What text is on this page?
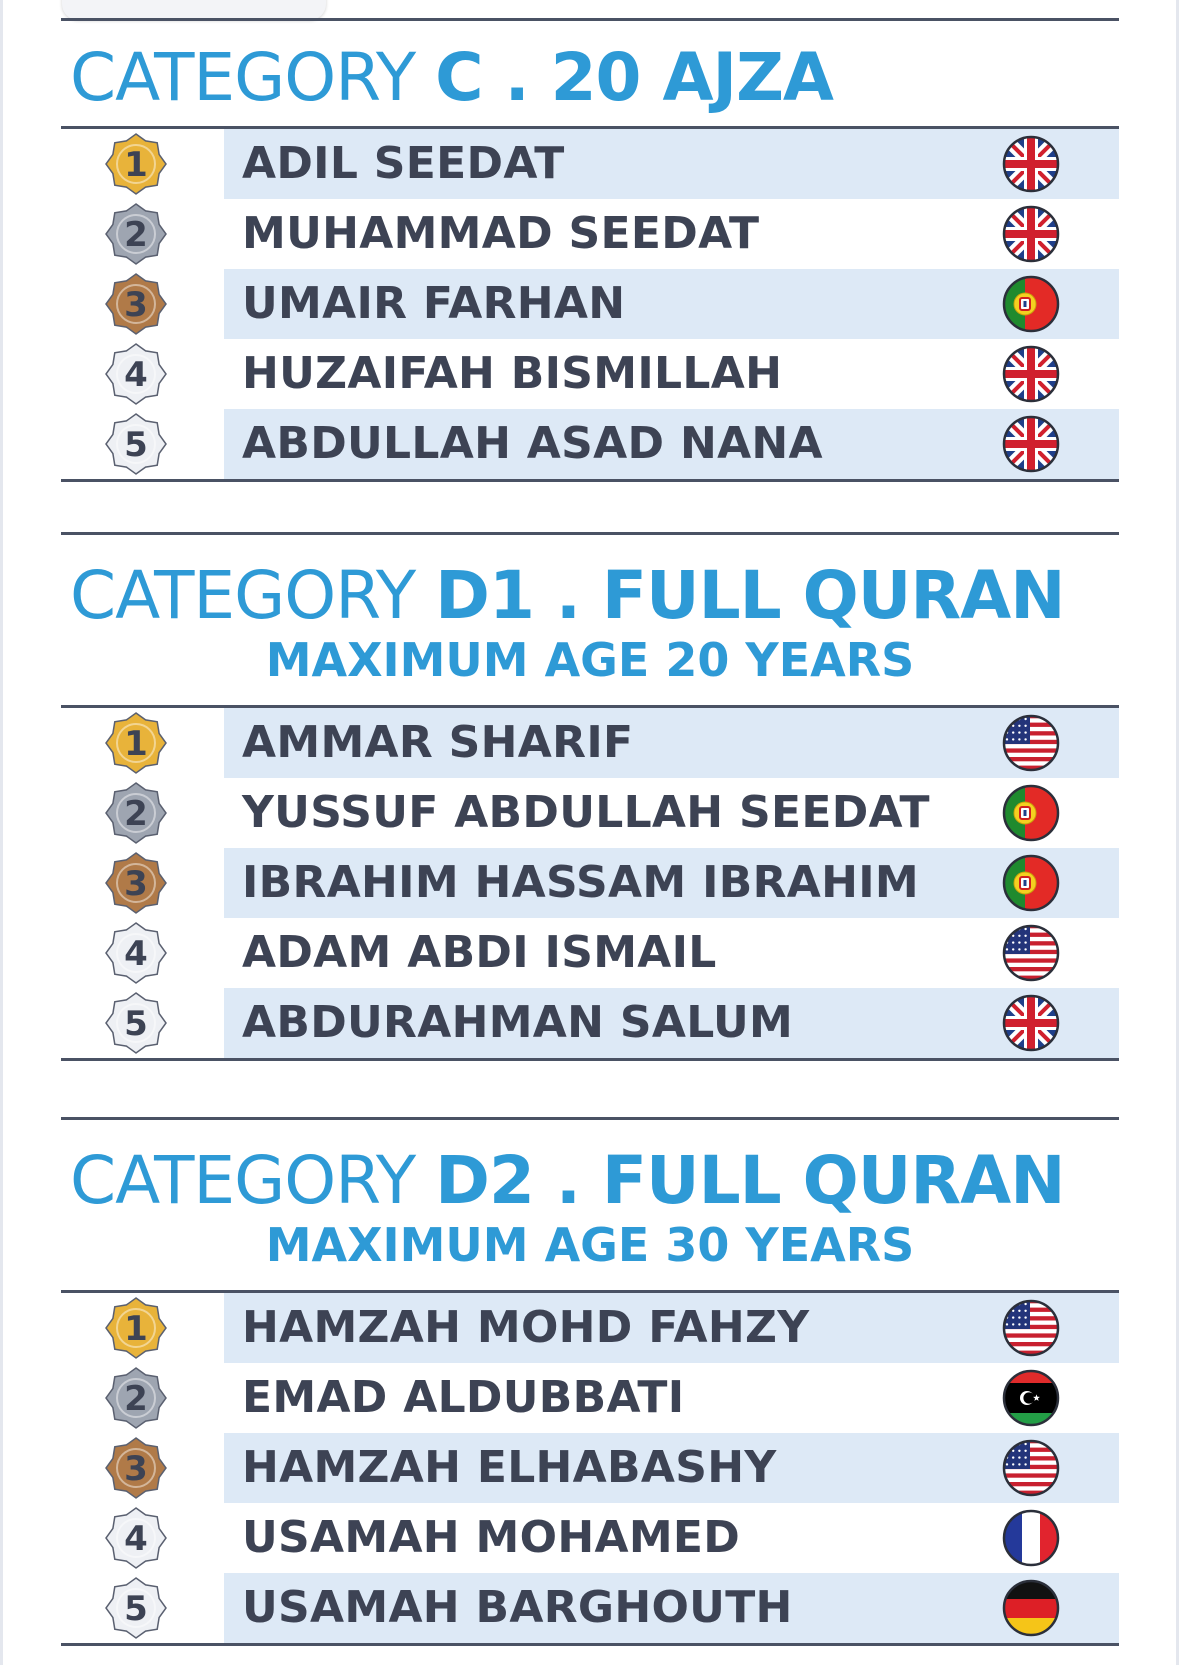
CATEGORY C . 20 AJZA
1 ADIL SEEDAT
2 MUHAMMAD SEEDAT
3 UMAIR FARHAN
4 HUZAIFAH BISMILLAH
5 ABDULLAH ASAD NANA
CATEGORY D1 . FULL QURAN
MAXIMUM AGE 20 YEARS
1 AMMAR SHARIF
2 YUSSUF ABDULLAH SEEDAT
3 IBRAHIM HASSAM IBRAHIM
4 ADAM ABDI ISMAIL
5 ABDURAHMAN SALUM
CATEGORY D2 . FULL QURAN
MAXIMUM AGE 30 YEARS
1 HAMZAH MOHD FAHZY
2 EMAD ALDUBBATI
3 HAMZAH ELHABASHY
4 USAMAH MOHAMED
5 USAMAH BARGHOUTH
